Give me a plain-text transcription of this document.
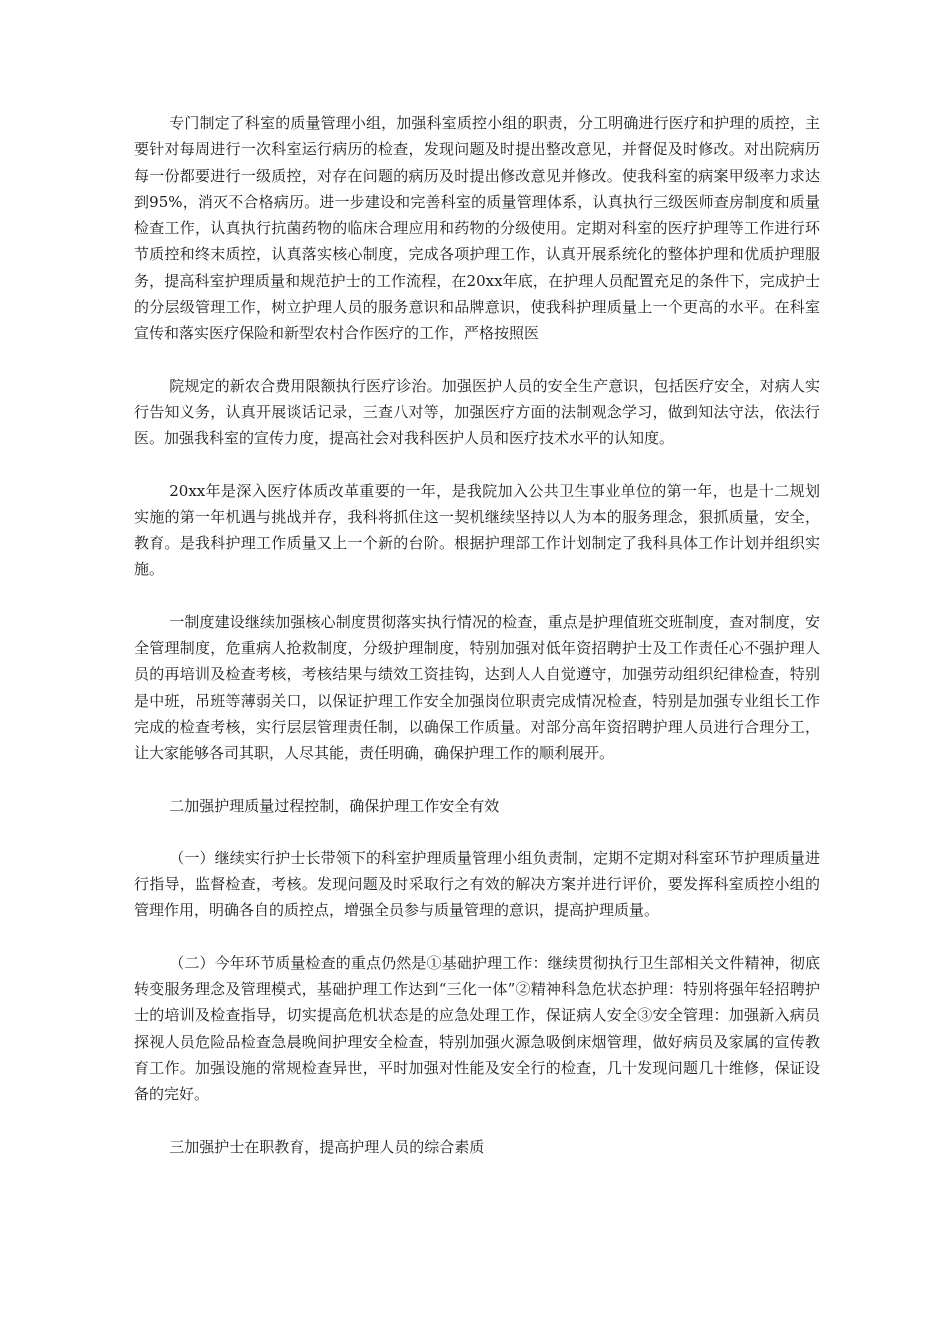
专门制定了科室的质量管理小组，加强科室质控小组的职责，分工明确进行医疗和护理的质控，主要针对每周进行一次科室运行病历的检查，发现问题及时提出整改意见，并督促及时修改。对出院病历每一份都要进行一级质控，对存在问题的病历及时提出修改意见并修改。使我科室的病案甲级率力求达到95%，消灭不合格病历。进一步建设和完善科室的质量管理体系，认真执行三级医师查房制度和质量检查工作，认真执行抗菌药物的临床合理应用和药物的分级使用。定期对科室的医疗护理等工作进行环节质控和终末质控，认真落实核心制度，完成各项护理工作，认真开展系统化的整体护理和优质护理服务，提高科室护理质量和规范护士的工作流程，在20xx年底，在护理人员配置充足的条件下，完成护士的分层级管理工作，树立护理人员的服务意识和品牌意识，使我科护理质量上一个更高的水平。在科室宣传和落实医疗保险和新型农村合作医疗的工作，严格按照医

院规定的新农合费用限额执行医疗诊治。加强医护人员的安全生产意识，包括医疗安全，对病人实行告知义务，认真开展谈话记录，三查八对等，加强医疗方面的法制观念学习，做到知法守法，依法行医。加强我科室的宣传力度，提高社会对我科医护人员和医疗技术水平的认知度。

20xx年是深入医疗体质改革重要的一年，是我院加入公共卫生事业单位的第一年，也是十二规划实施的第一年机遇与挑战并存，我科将抓住这一契机继续坚持以人为本的服务理念，狠抓质量，安全，教育。是我科护理工作质量又上一个新的台阶。根据护理部工作计划制定了我科具体工作计划并组织实施。

一制度建设继续加强核心制度贯彻落实执行情况的检查，重点是护理值班交班制度，查对制度，安全管理制度，危重病人抢救制度，分级护理制度，特别加强对低年资招聘护士及工作责任心不强护理人员的再培训及检查考核，考核结果与绩效工资挂钩，达到人人自觉遵守，加强劳动组织纪律检查，特别是中班，吊班等薄弱关口，以保证护理工作安全加强岗位职责完成情况检查，特别是加强专业组长工作完成的检查考核，实行层层管理责任制，以确保工作质量。对部分高年资招聘护理人员进行合理分工，让大家能够各司其职，人尽其能，责任明确，确保护理工作的顺利展开。

二加强护理质量过程控制，确保护理工作安全有效

（一）继续实行护士长带领下的科室护理质量管理小组负责制，定期不定期对科室环节护理质量进行指导，监督检查，考核。发现问题及时采取行之有效的解决方案并进行评价，要发挥科室质控小组的管理作用，明确各自的质控点，增强全员参与质量管理的意识，提高护理质量。

（二）今年环节质量检查的重点仍然是①基础护理工作：继续贯彻执行卫生部相关文件精神，彻底转变服务理念及管理模式，基础护理工作达到“三化一体”②精神科急危状态护理：特别将强年轻招聘护士的培训及检查指导，切实提高危机状态是的应急处理工作，保证病人安全③安全管理：加强新入病员探视人员危险品检查急晨晚间护理安全检查，特别加强火源急吸倒床烟管理，做好病员及家属的宣传教育工作。加强设施的常规检查异世，平时加强对性能及安全行的检查，几十发现问题几十维修，保证设备的完好。

三加强护士在职教育，提高护理人员的综合素质
